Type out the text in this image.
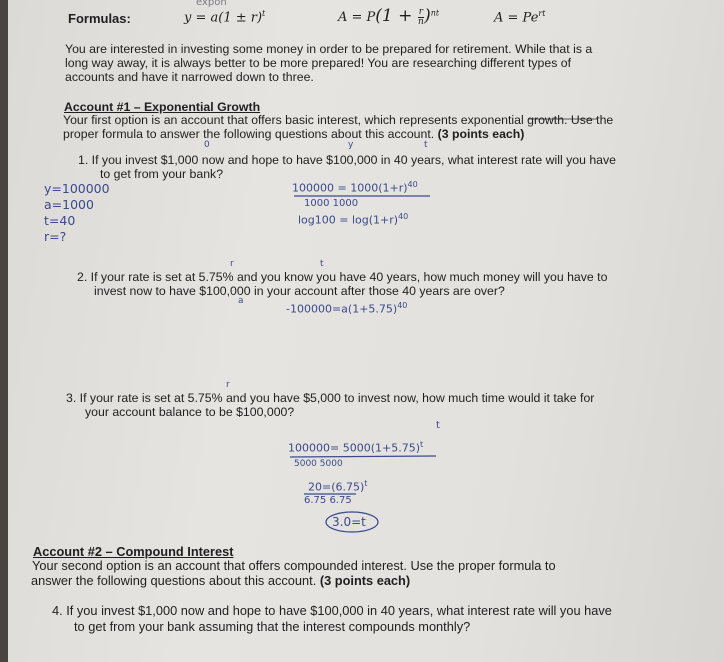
expon
Formulas:	$y = a(1 \pm r)^t$	$A = P(1 + \frac{r}{n} )^{nt}$	$A = Pe^{rt}$
You are interested in investing some money in order to be prepared for retirement. While that is a
long way away, it is always better to be more prepared! You are researching different types of
accounts and have it narrowed down to three.
Account #1 – Exponential Growth
Your first option is an account that offers basic interest, which represents exponential growth. Use the
proper formula to answer the following questions about this account. (3 points each)
0	y	t
1. If you invest $1,000 now and hope to have $100,000 in 40 years, what interest rate will you have
to get from your bank?
y=100000
a=1000
t=40
r=?
$100000 = 1000(1+r)^{40}$
1000 1000
$\log 100 = \log(1+r)^{40}$
r	t
2. If your rate is set at 5.75% and you know you have 40 years, how much money will you have to
invest now to have $100,000 in your account after those 40 years are over?
a
$-100000=a(1+5.75)^{40}$
r
3. If your rate is set at 5.75% and you have $5,000 to invest now, how much time would it take for
your account balance to be $100,000?
t
$100000= 5000(1+5.75)^t$
5000 5000
$20=(6.75)^t$
6.75 6.75
3.0=t
Account #2 – Compound Interest
Your second option is an account that offers compounded interest. Use the proper formula to
answer the following questions about this account. (3 points each)
4. If you invest $1,000 now and hope to have $100,000 in 40 years, what interest rate will you have
to get from your bank assuming that the interest compounds monthly?
